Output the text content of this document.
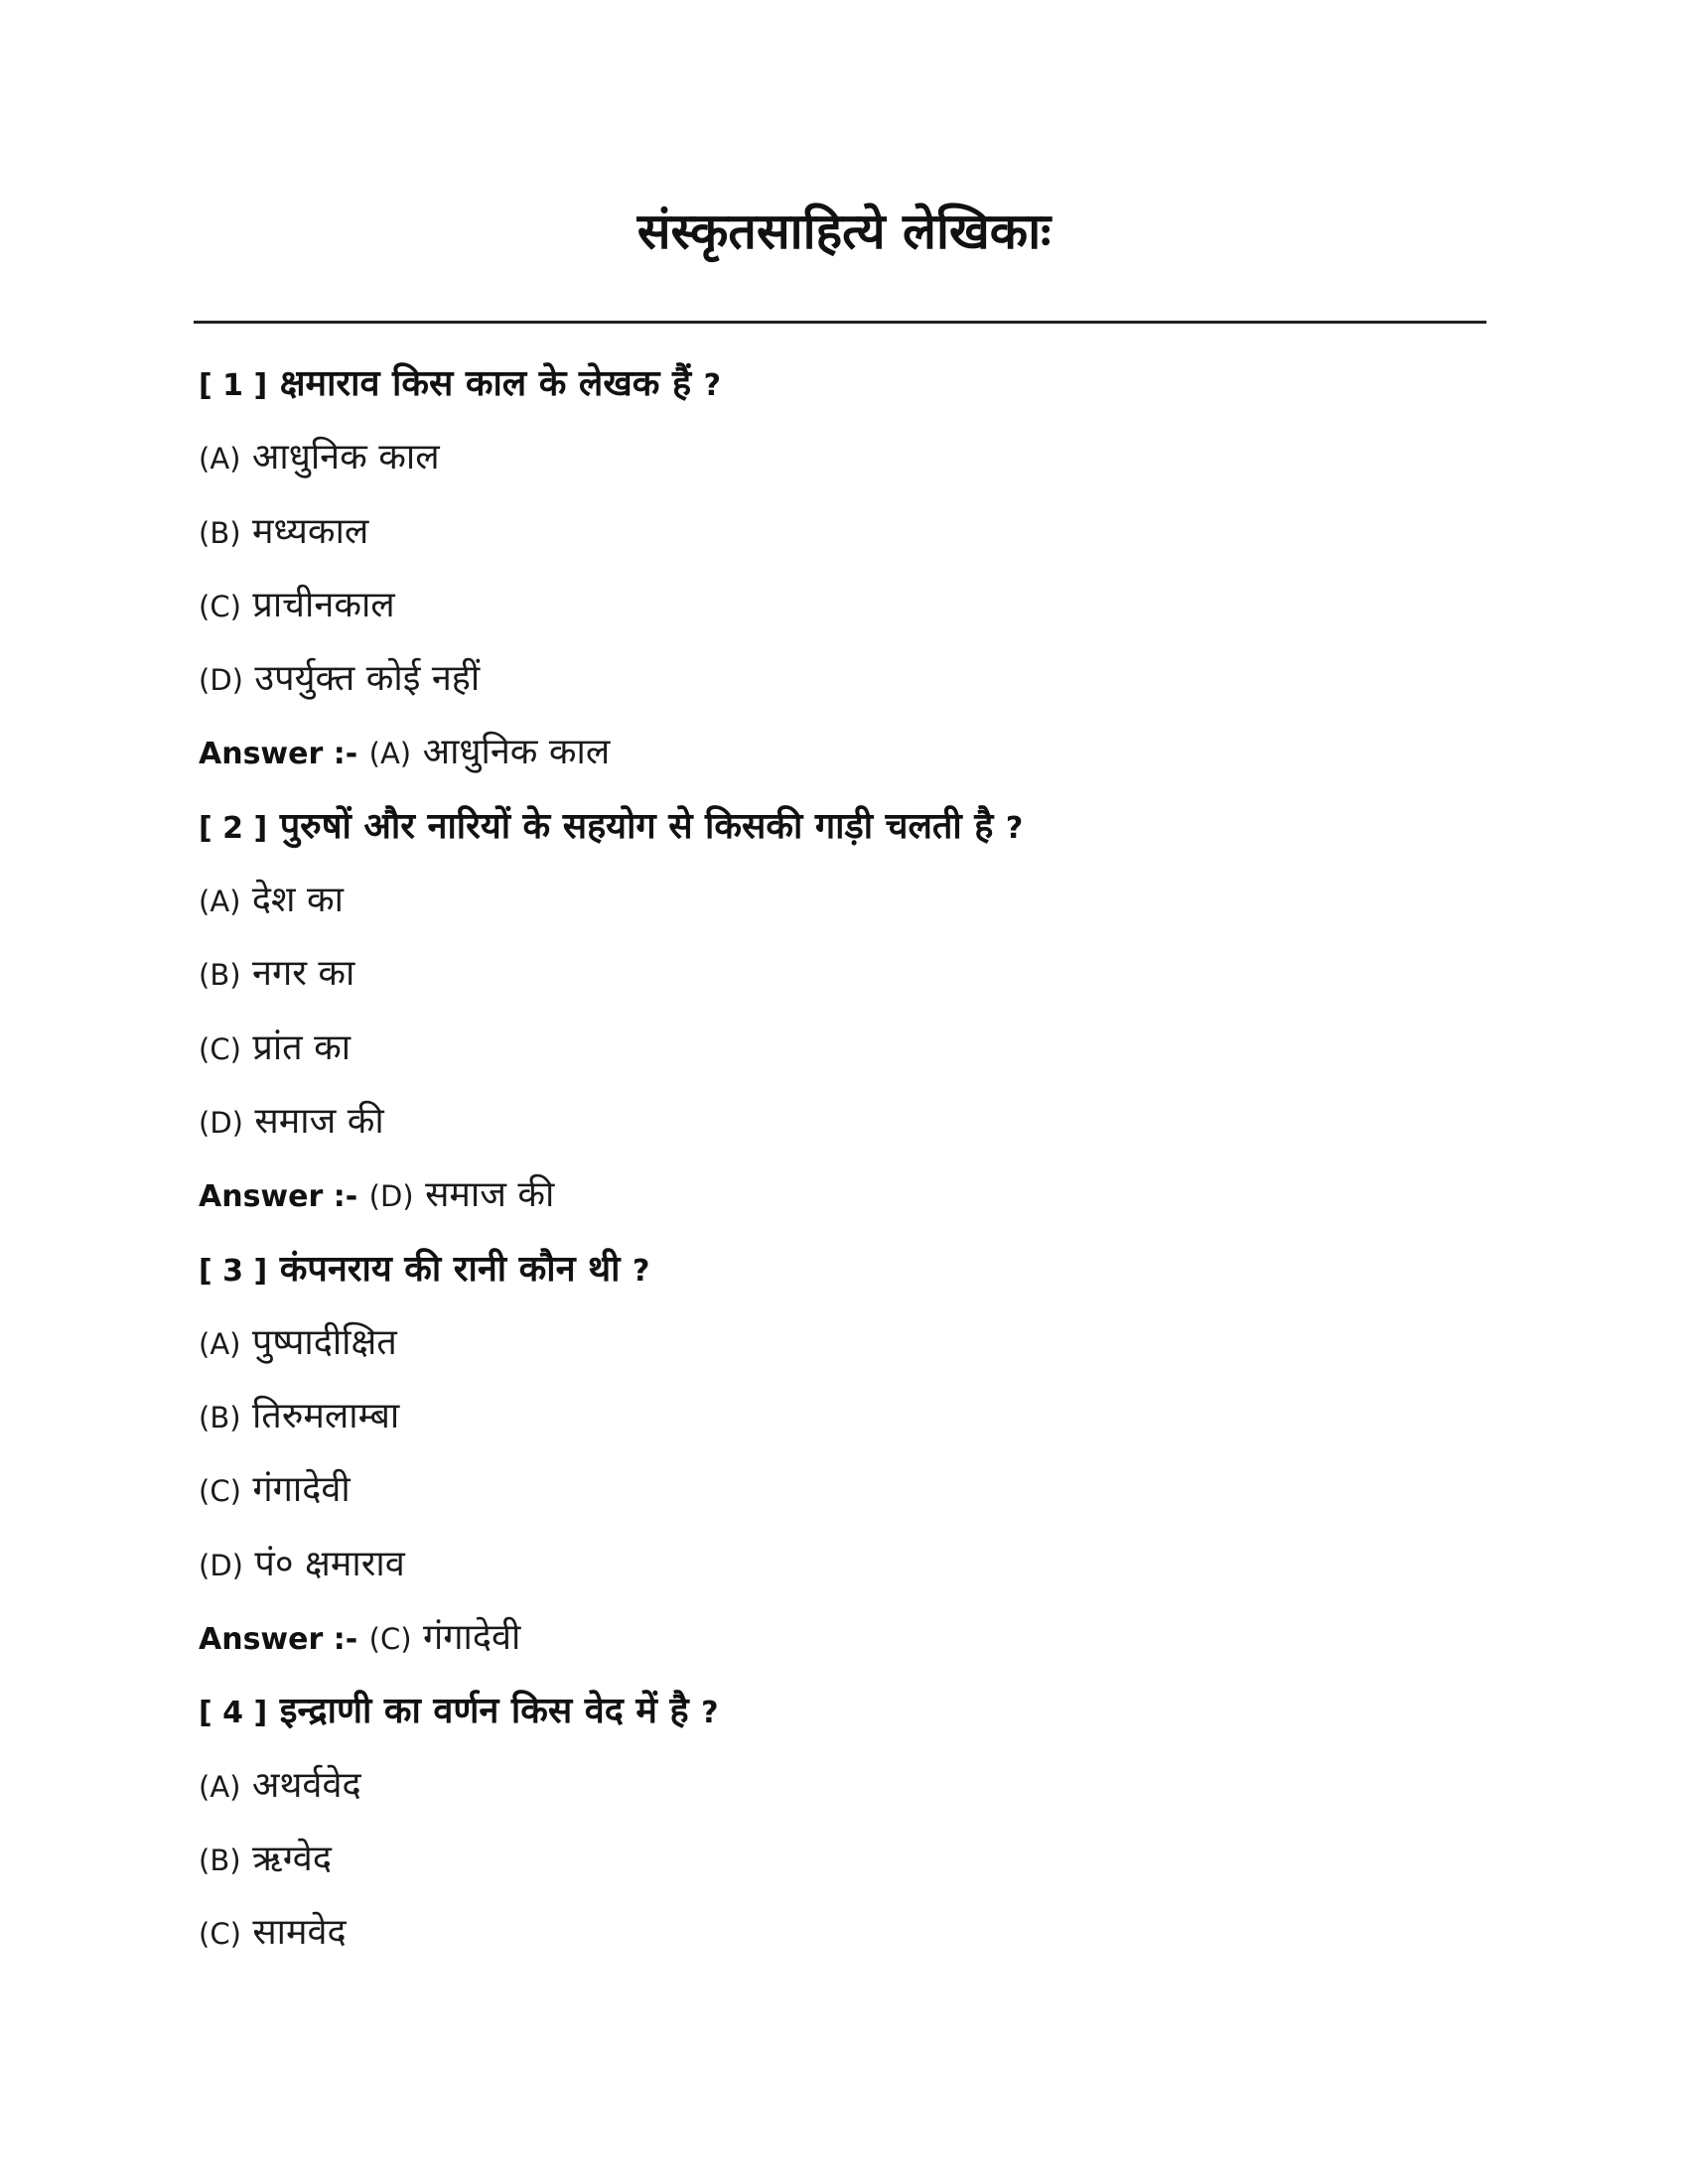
संस्कृतसाहित्ये लेखिकाः
[ 1 ] क्षमाराव किस काल के लेखक हैं ?
(A) आधुनिक काल
(B) मध्यकाल
(C) प्राचीनकाल
(D) उपर्युक्त कोई नहीं
Answer :- (A) आधुनिक काल
[ 2 ] पुरुषों और नारियों के सहयोग से किसकी गाड़ी चलती है ?
(A) देश का
(B) नगर का
(C) प्रांत का
(D) समाज की
Answer :- (D) समाज की
[ 3 ] कंपनराय की रानी कौन थी ?
(A) पुष्पादीक्षित
(B) तिरुमलाम्बा
(C) गंगादेवी
(D) पं० क्षमाराव
Answer :- (C) गंगादेवी
[ 4 ] इन्द्राणी का वर्णन किस वेद में है ?
(A) अथर्ववेद
(B) ऋग्वेद
(C) सामवेद
